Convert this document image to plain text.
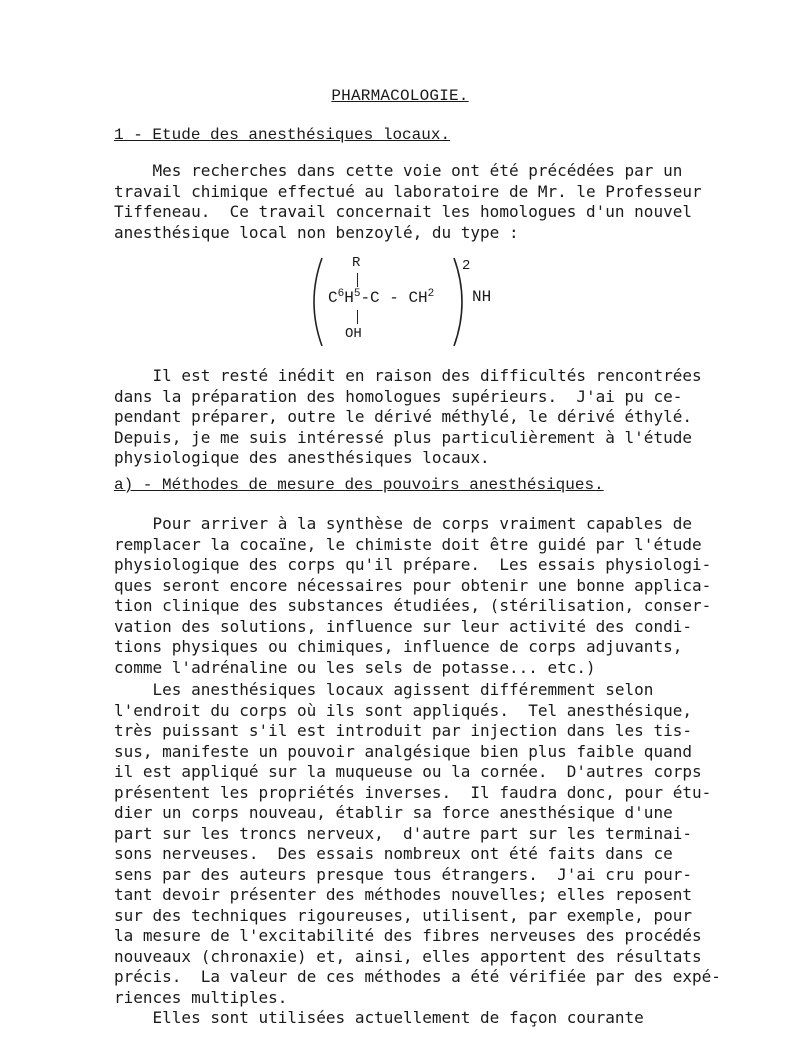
PHARMACOLOGIE.
1 - Etude des anesthésiques locaux.
Mes recherches dans cette voie ont été précédées par un
travail chimique effectué au laboratoire de Mr. le Professeur
Tiffeneau.  Ce travail concernait les homologues d'un nouvel
anesthésique local non benzoylé, du type :
R
$C^6H^5-C - CH^2$
OH
2
NH
Il est resté inédit en raison des difficultés rencontrées
dans la préparation des homologues supérieurs.  J'ai pu ce-
pendant préparer, outre le dérivé méthylé, le dérivé éthylé.
Depuis, je me suis intéressé plus particulièrement à l'étude
physiologique des anesthésiques locaux.
a) - Méthodes de mesure des pouvoirs anesthésiques.
Pour arriver à la synthèse de corps vraiment capables de
remplacer la cocaïne, le chimiste doit être guidé par l'étude
physiologique des corps qu'il prépare.  Les essais physiologi-
ques seront encore nécessaires pour obtenir une bonne applica-
tion clinique des substances étudiées, (stérilisation, conser-
vation des solutions, influence sur leur activité des condi-
tions physiques ou chimiques, influence de corps adjuvants,
comme l'adrénaline ou les sels de potasse... etc.)
Les anesthésiques locaux agissent différemment selon
l'endroit du corps où ils sont appliqués.  Tel anesthésique,
très puissant s'il est introduit par injection dans les tis-
sus, manifeste un pouvoir analgésique bien plus faible quand
il est appliqué sur la muqueuse ou la cornée.  D'autres corps
présentent les propriétés inverses.  Il faudra donc, pour étu-
dier un corps nouveau, établir sa force anesthésique d'une
part sur les troncs nerveux,  d'autre part sur les terminai-
sons nerveuses.  Des essais nombreux ont été faits dans ce
sens par des auteurs presque tous étrangers.  J'ai cru pour-
tant devoir présenter des méthodes nouvelles; elles reposent
sur des techniques rigoureuses, utilisent, par exemple, pour
la mesure de l'excitabilité des fibres nerveuses des procédés
nouveaux (chronaxie) et, ainsi, elles apportent des résultats
précis.  La valeur de ces méthodes a été vérifiée par des expé-
riences multiples.
Elles sont utilisées actuellement de façon courante
